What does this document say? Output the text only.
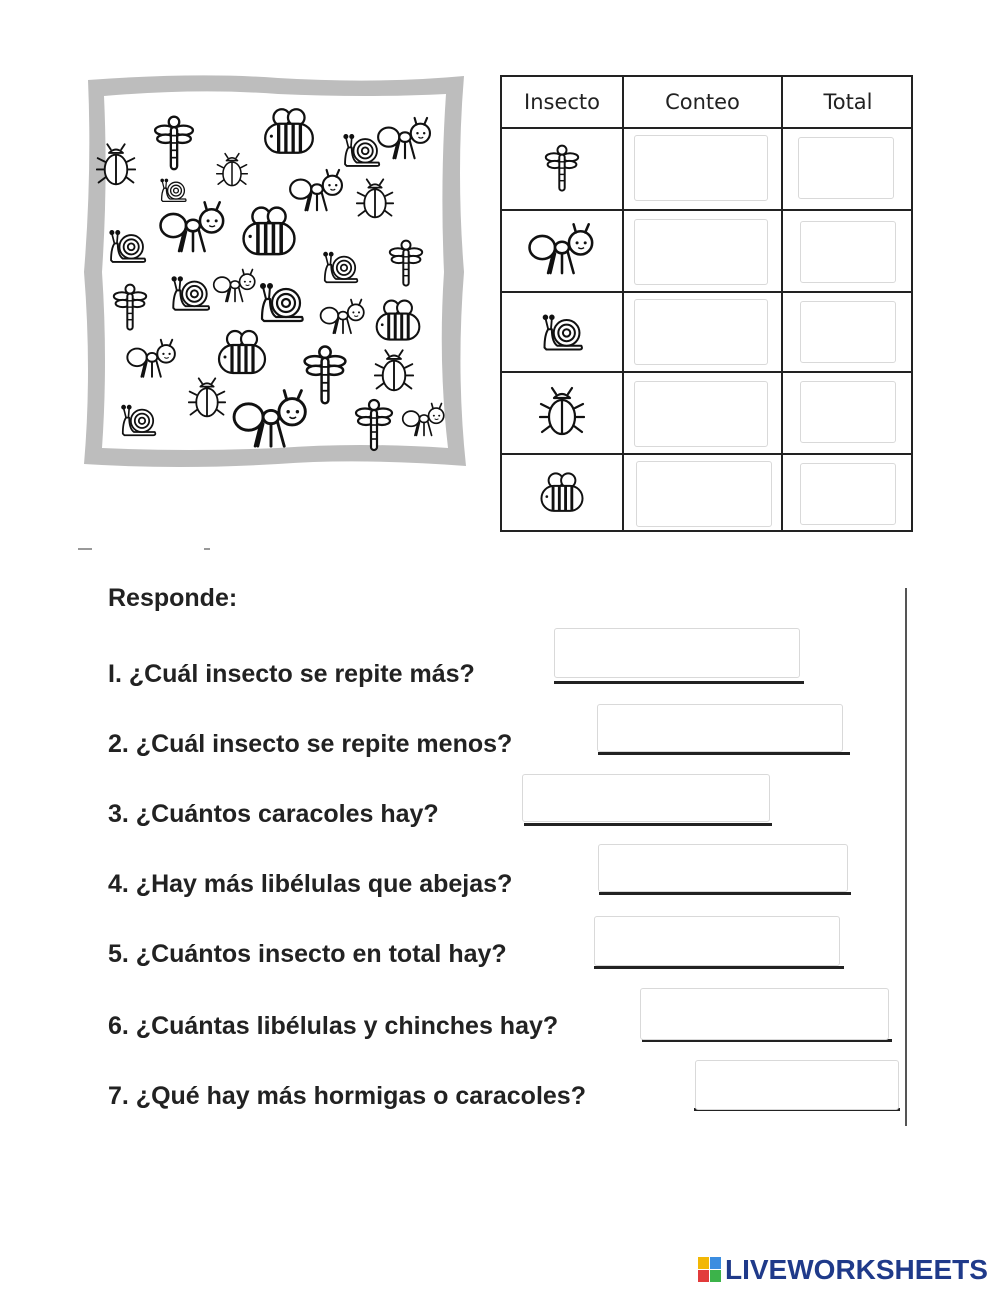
Insecto	Conteo	Total
Responde:
I. ¿Cuál insecto se repite más?
2. ¿Cuál insecto se repite menos?
3. ¿Cuántos caracoles hay?
4. ¿Hay más libélulas que abejas?
5. ¿Cuántos insecto en total hay?
6. ¿Cuántas libélulas y chinches hay?
7. ¿Qué hay más hormigas o caracoles?
LIVEWORKSHEETS
